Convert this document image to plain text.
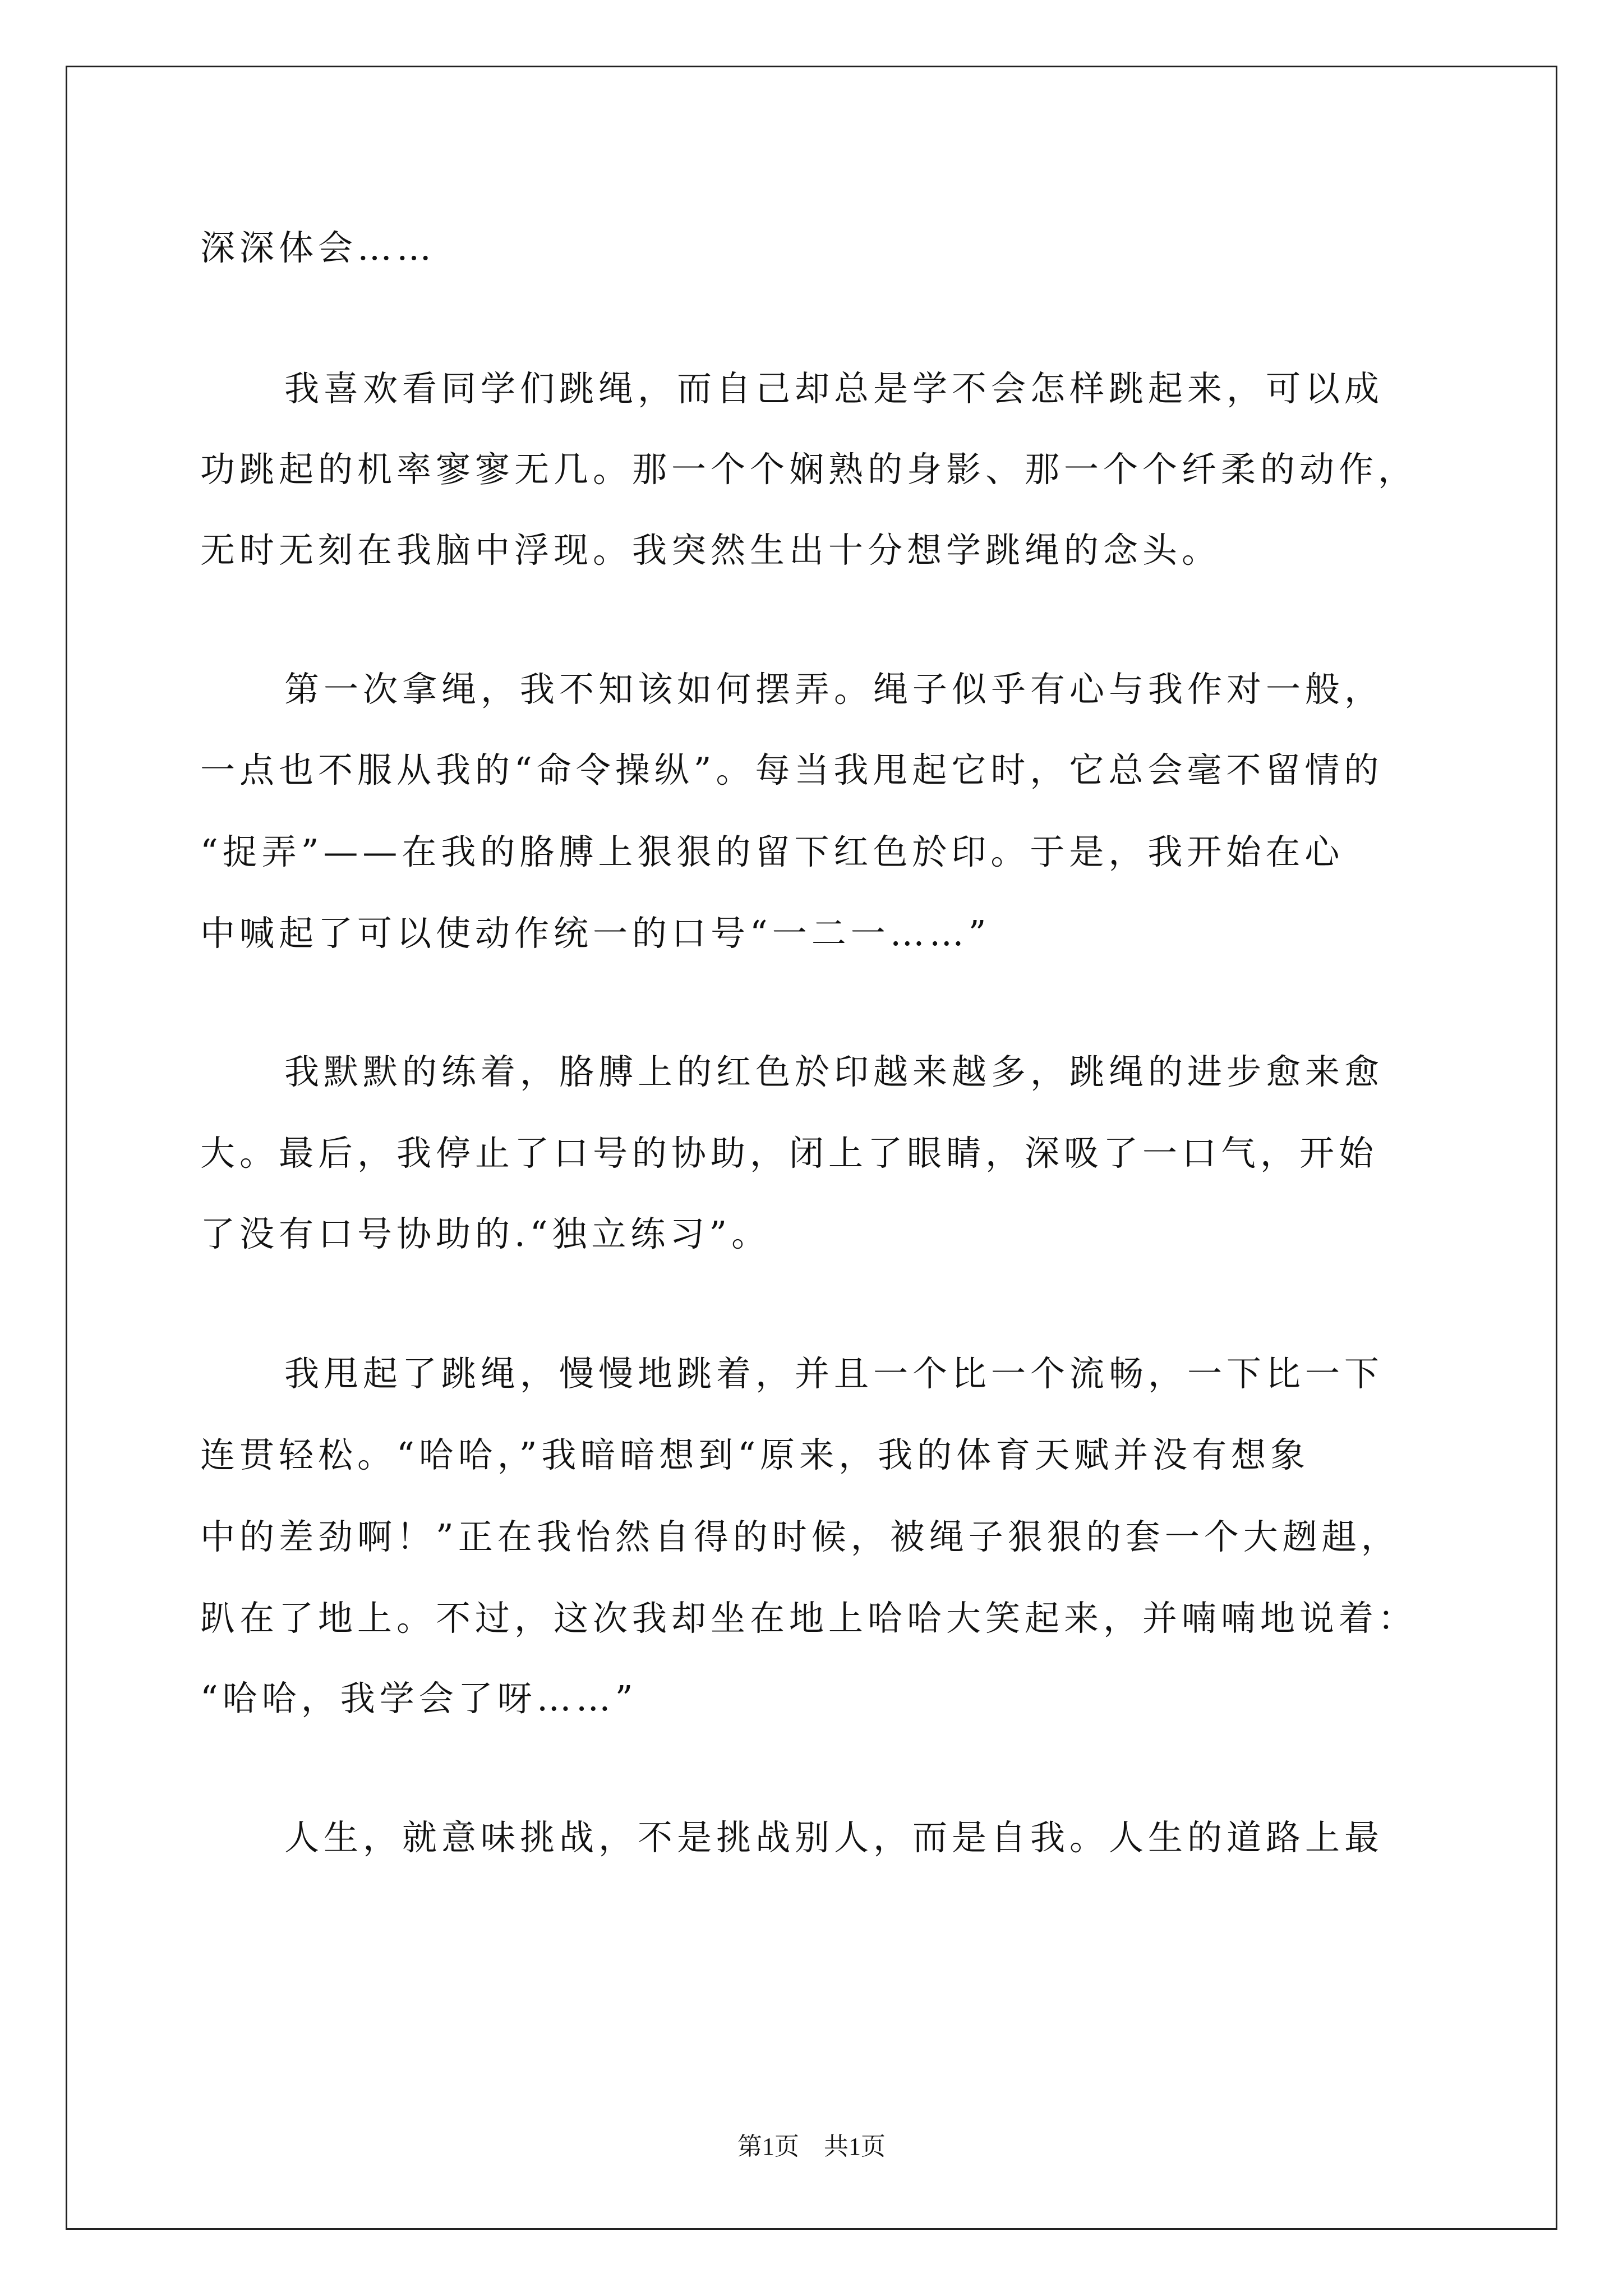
深深体会……
我喜欢看同学们跳绳，而自己却总是学不会怎样跳起来，可以成
功跳起的机率寥寥无几。那一个个娴熟的身影、那一个个纤柔的动作，
无时无刻在我脑中浮现。我突然生出十分想学跳绳的念头。
第一次拿绳，我不知该如何摆弄。绳子似乎有心与我作对一般，
一点也不服从我的“命令操纵”。每当我甩起它时，它总会毫不留情的
“捉弄”——在我的胳膊上狠狠的留下红色於印。于是，我开始在心
中喊起了可以使动作统一的口号“一二一……”
我默默的练着，胳膊上的红色於印越来越多，跳绳的进步愈来愈
大。最后，我停止了口号的协助，闭上了眼睛，深吸了一口气，开始
了没有口号协助的.“独立练习”。
我甩起了跳绳，慢慢地跳着，并且一个比一个流畅，一下比一下
连贯轻松。“哈哈，”我暗暗想到“原来，我的体育天赋并没有想象
中的差劲啊！”正在我怡然自得的时候，被绳子狠狠的套一个大趔趄，
趴在了地上。不过，这次我却坐在地上哈哈大笑起来，并喃喃地说着：
“哈哈，我学会了呀……”
人生，就意味挑战，不是挑战别人，而是自我。人生的道路上最
第1页　共1页
